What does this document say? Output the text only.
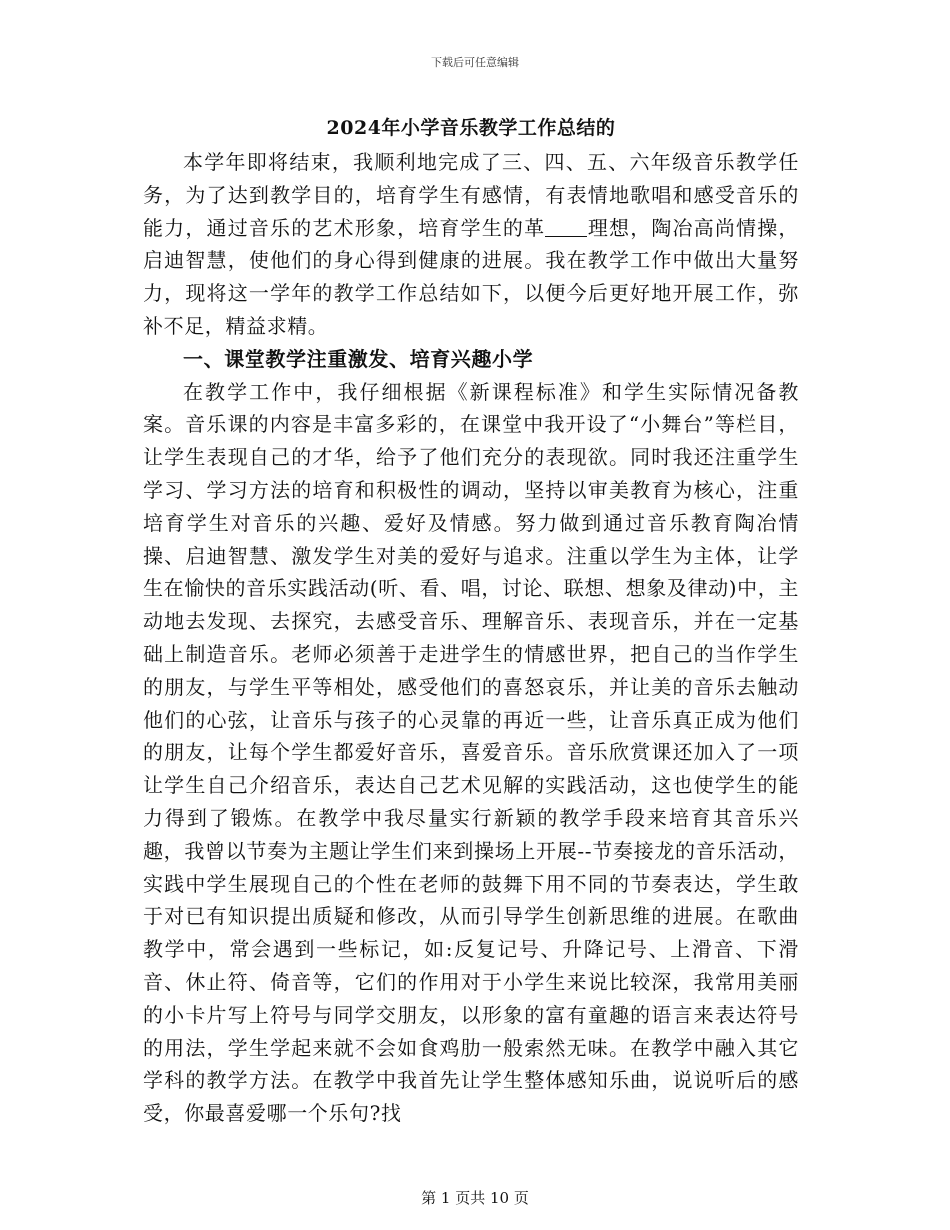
下载后可任意编辑
2024年小学音乐教学工作总结的

本学年即将结束，我顺利地完成了三、四、五、六年级音乐教学任务，为了达到教学目的，培育学生有感情，有表情地歌唱和感受音乐的能力，通过音乐的艺术形象，培育学生的革 理想，陶冶高尚情操，启迪智慧，使他们的身心得到健康的进展。我在教学工作中做出大量努力，现将这一学年的教学工作总结如下，以便今后更好地开展工作，弥补不足，精益求精。

一、课堂教学注重激发、培育兴趣小学

在教学工作中，我仔细根据《新课程标准》和学生实际情况备教案。音乐课的内容是丰富多彩的，在课堂中我开设了“小舞台”等栏目，让学生表现自己的才华，给予了他们充分的表现欲。同时我还注重学生学习、学习方法的培育和积极性的调动，坚持以审美教育为核心，注重培育学生对音乐的兴趣、爱好及情感。努力做到通过音乐教育陶冶情操、启迪智慧、激发学生对美的爱好与追求。注重以学生为主体，让学生在愉快的音乐实践活动(听、看、唱，讨论、联想、想象及律动)中，主动地去发现、去探究，去感受音乐、理解音乐、表现音乐，并在一定基础上制造音乐。老师必须善于走进学生的情感世界，把自己的当作学生的朋友，与学生平等相处，感受他们的喜怒哀乐，并让美的音乐去触动他们的心弦，让音乐与孩子的心灵靠的再近一些，让音乐真正成为他们的朋友，让每个学生都爱好音乐，喜爱音乐。音乐欣赏课还加入了一项让学生自己介绍音乐，表达自己艺术见解的实践活动，这也使学生的能力得到了锻炼。在教学中我尽量实行新颖的教学手段来培育其音乐兴趣，我曾以节奏为主题让学生们来到操场上开展--节奏接龙的音乐活动，实践中学生展现自己的个性在老师的鼓舞下用不同的节奏表达，学生敢于对已有知识提出质疑和修改，从而引导学生创新思维的进展。在歌曲教学中，常会遇到一些标记，如:反复记号、升降记号、上滑音、下滑音、休止符、倚音等，它们的作用对于小学生来说比较深，我常用美丽的小卡片写上符号与同学交朋友，以形象的富有童趣的语言来表达符号的用法，学生学起来就不会如食鸡肋一般索然无味。在教学中融入其它学科的教学方法。在教学中我首先让学生整体感知乐曲，说说听后的感受，你最喜爱哪一个乐句?找

第 1 页共 10 页
